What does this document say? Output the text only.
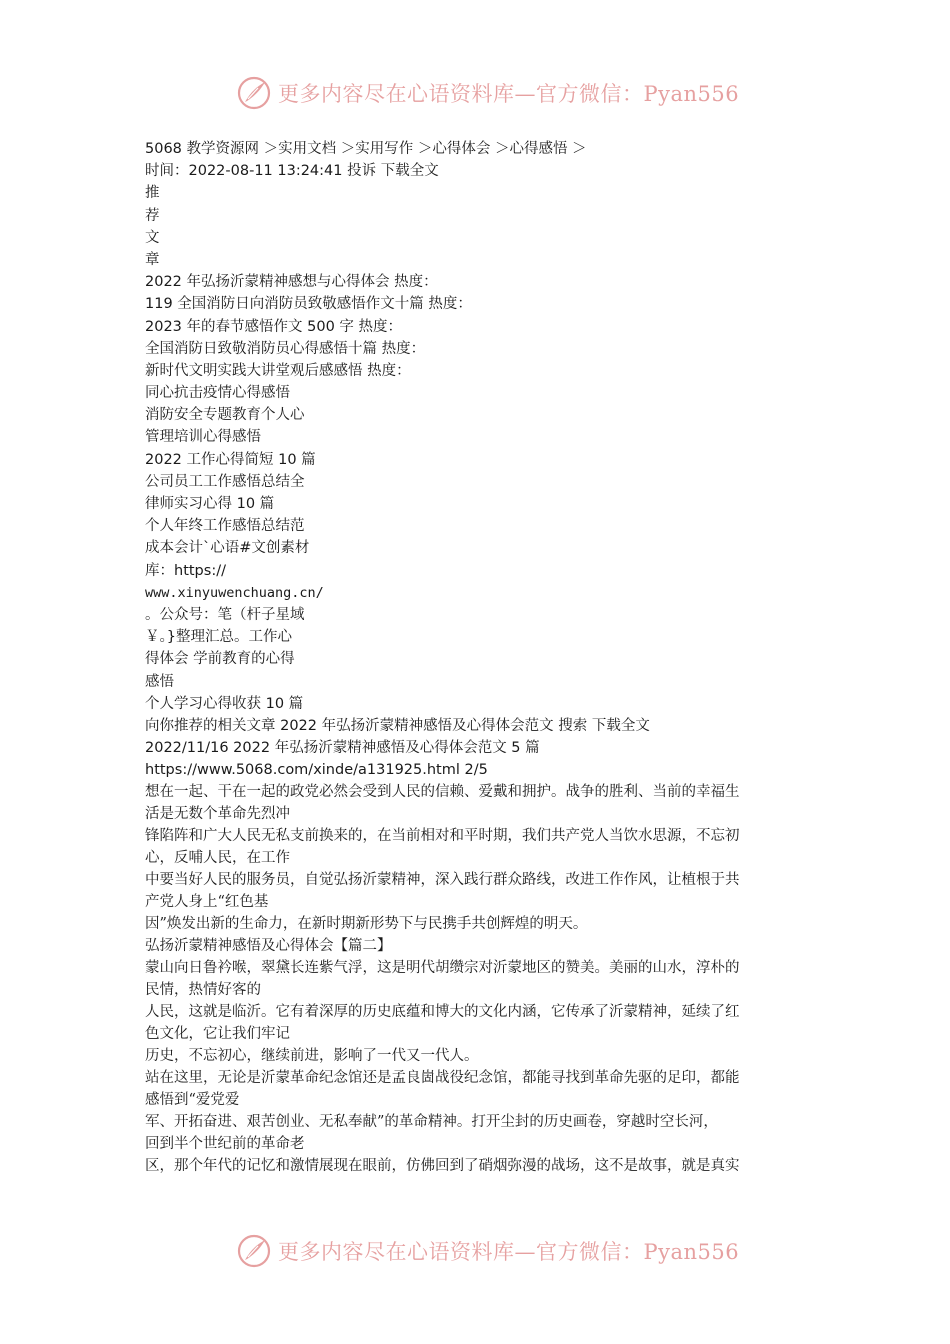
更多内容尽在心语资料库—官方微信：Pyan556
5068 教学资源网 ＞实用文档 ＞实用写作 ＞心得体会 ＞心得感悟 ＞
时间：2022-08-11 13:24:41 投诉 下载全文
推
荐
文
章
2022 年弘扬沂蒙精神感想与心得体会 热度：
119 全国消防日向消防员致敬感悟作文十篇 热度：
2023 年的春节感悟作文 500 字 热度：
全国消防日致敬消防员心得感悟十篇 热度：
新时代文明实践大讲堂观后感感悟 热度：
同心抗击疫情心得感悟
消防安全专题教育个人心
管理培训心得感悟
2022 工作心得简短 10 篇
公司员工工作感悟总结全
律师实习心得 10 篇
个人年终工作感悟总结范
成本会计`心语#文创素材
库：https://
www.xinyuwenchuang.cn/
。公众号：笔（杆子星域
￥。}整理汇总。工作心
得体会 学前教育的心得
感悟
个人学习心得收获 10 篇
向你推荐的相关文章 2022 年弘扬沂蒙精神感悟及心得体会范文 搜索 下载全文
2022/11/16 2022 年弘扬沂蒙精神感悟及心得体会范文 5 篇
https://www.5068.com/xinde/a131925.html 2/5
想在一起、干在一起的政党必然会受到人民的信赖、爱戴和拥护。战争的胜利、当前的幸福生
活是无数个革命先烈冲
锋陷阵和广大人民无私支前换来的，在当前相对和平时期，我们共产党人当饮水思源，不忘初
心，反哺人民，在工作
中要当好人民的服务员，自觉弘扬沂蒙精神，深入践行群众路线，改进工作作风，让植根于共
产党人身上“红色基
因”焕发出新的生命力，在新时期新形势下与民携手共创辉煌的明天。
弘扬沂蒙精神感悟及心得体会【篇二】
蒙山向日鲁衿喉，翠黛长连紫气浮，这是明代胡缵宗对沂蒙地区的赞美。美丽的山水，淳朴的
民情，热情好客的
人民，这就是临沂。它有着深厚的历史底蕴和博大的文化内涵，它传承了沂蒙精神，延续了红
色文化，它让我们牢记
历史，不忘初心，继续前进，影响了一代又一代人。
站在这里，无论是沂蒙革命纪念馆还是孟良崮战役纪念馆，都能寻找到革命先驱的足印，都能
感悟到“爱党爱
军、开拓奋进、艰苦创业、无私奉献”的革命精神。打开尘封的历史画卷，穿越时空长河，
回到半个世纪前的革命老
区，那个年代的记忆和激情展现在眼前，仿佛回到了硝烟弥漫的战场，这不是故事，就是真实
更多内容尽在心语资料库—官方微信：Pyan556
